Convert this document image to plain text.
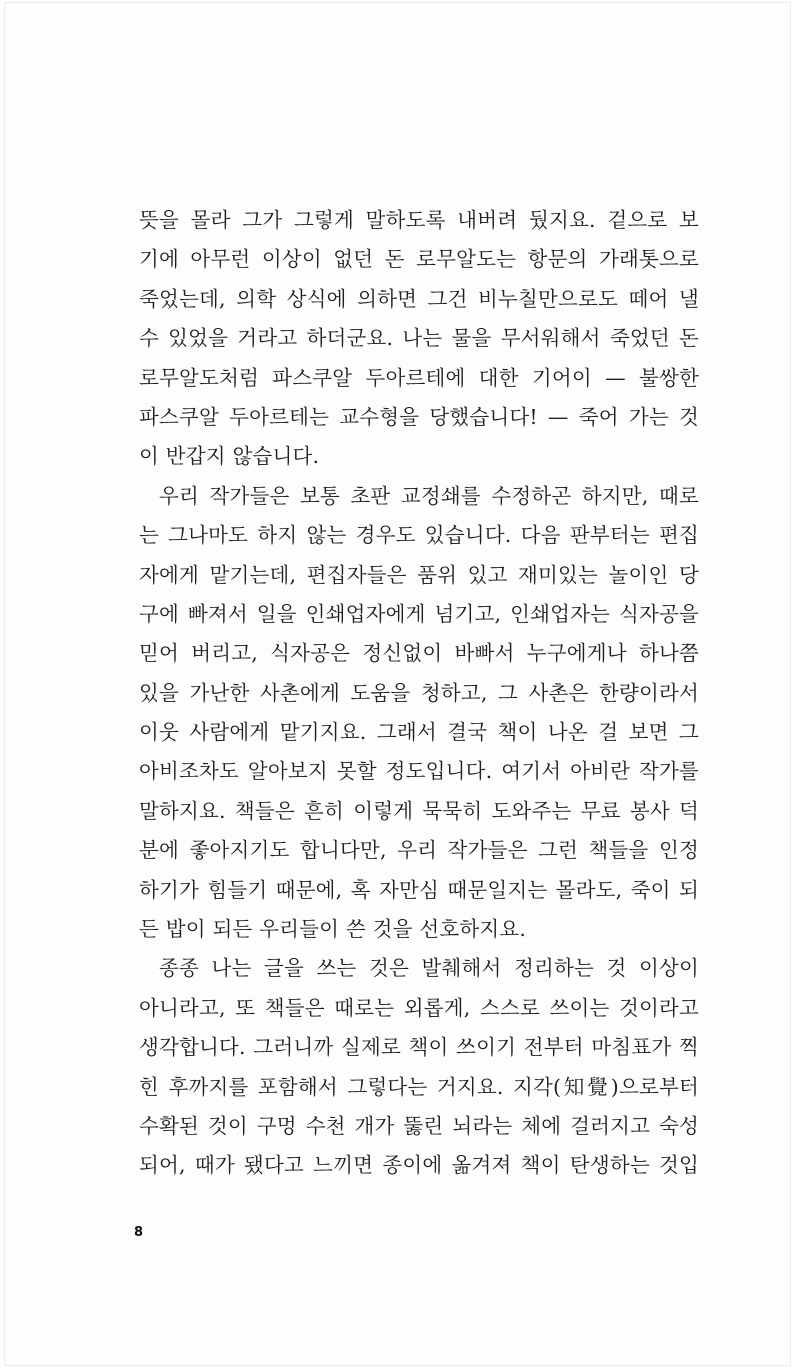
뜻을 몰라 그가 그렇게 말하도록 내버려 뒀지요. 겉으로 보
기에 아무런 이상이 없던 돈 로무알도는 항문의 가래톳으로
죽었는데, 의학 상식에 의하면 그건 비누칠만으로도 떼어 낼
수 있었을 거라고 하더군요. 나는 물을 무서워해서 죽었던 돈
로무알도처럼 파스쿠알 두아르테에 대한 기어이 — 불쌍한
파스쿠알 두아르테는 교수형을 당했습니다! — 죽어 가는 것
이 반갑지 않습니다.
우리 작가들은 보통 초판 교정쇄를 수정하곤 하지만, 때로
는 그나마도 하지 않는 경우도 있습니다. 다음 판부터는 편집
자에게 맡기는데, 편집자들은 품위 있고 재미있는 놀이인 당
구에 빠져서 일을 인쇄업자에게 넘기고, 인쇄업자는 식자공을
믿어 버리고, 식자공은 정신없이 바빠서 누구에게나 하나쯤
있을 가난한 사촌에게 도움을 청하고, 그 사촌은 한량이라서
이웃 사람에게 맡기지요. 그래서 결국 책이 나온 걸 보면 그
아비조차도 알아보지 못할 정도입니다. 여기서 아비란 작가를
말하지요. 책들은 흔히 이렇게 묵묵히 도와주는 무료 봉사 덕
분에 좋아지기도 합니다만, 우리 작가들은 그런 책들을 인정
하기가 힘들기 때문에, 혹 자만심 때문일지는 몰라도, 죽이 되
든 밥이 되든 우리들이 쓴 것을 선호하지요.
종종 나는 글을 쓰는 것은 발췌해서 정리하는 것 이상이
아니라고, 또 책들은 때로는 외롭게, 스스로 쓰이는 것이라고
생각합니다. 그러니까 실제로 책이 쓰이기 전부터 마침표가 찍
힌 후까지를 포함해서 그렇다는 거지요. 지각(知覺)으로부터
수확된 것이 구멍 수천 개가 뚫린 뇌라는 체에 걸러지고 숙성
되어, 때가 됐다고 느끼면 종이에 옮겨져 책이 탄생하는 것입
8
